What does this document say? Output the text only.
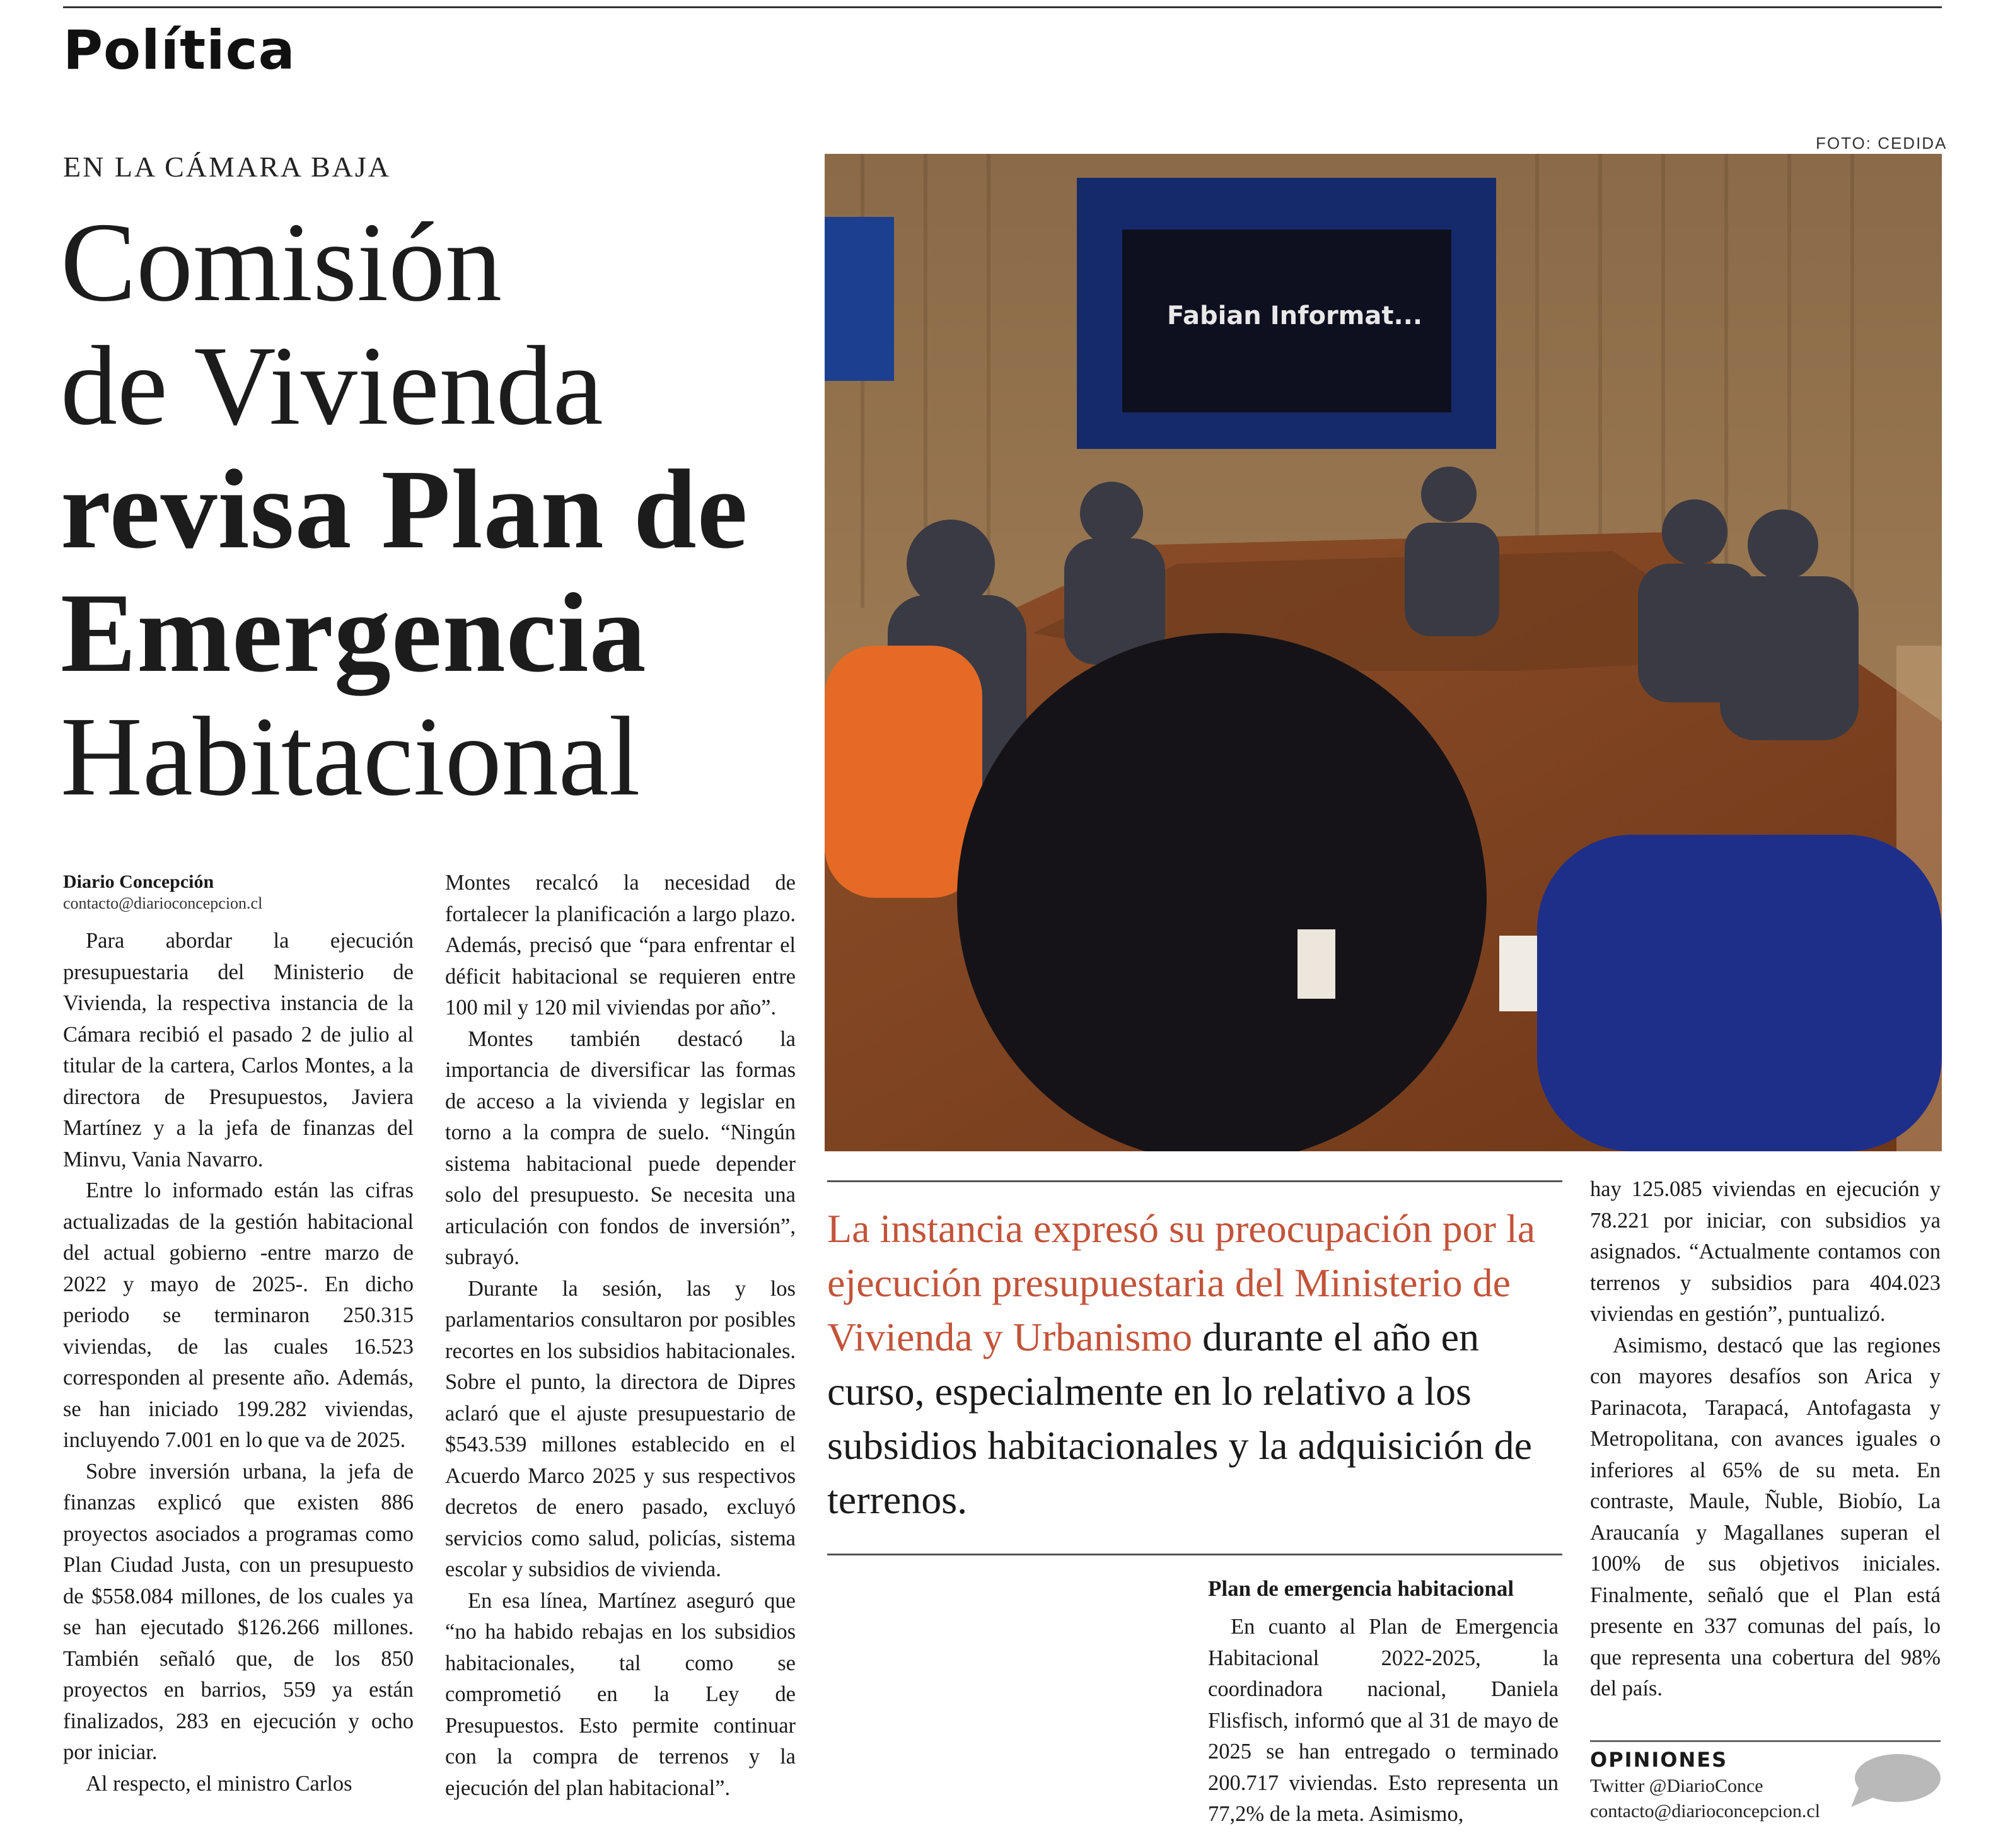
Política
EN LA CÁMARA BAJA
Comisión
de Vivienda
revisa Plan de
Emergencia
Habitacional
FOTO: CEDIDA
Fabian Informat...
Diario Concepción
contacto@diarioconcepcion.cl

Para abordar la ejecución presupuestaria del Ministerio de Vivienda, la respectiva instancia de la Cámara recibió el pasado 2 de julio al titular de la cartera, Carlos Montes, a la directora de Presupuestos, Javiera Martínez y a la jefa de finanzas del Minvu, Vania Navarro.

Entre lo informado están las cifras actualizadas de la gestión habitacional del actual gobierno -entre marzo de 2022 y mayo de 2025-. En dicho periodo se terminaron 250.315 viviendas, de las cuales 16.523 corresponden al presente año. Además, se han iniciado 199.282 viviendas, incluyendo 7.001 en lo que va de 2025.

Sobre inversión urbana, la jefa de finanzas explicó que existen 886 proyectos asociados a programas como Plan Ciudad Justa, con un presupuesto de $558.084 millones, de los cuales ya se han ejecutado $126.266 millones. También señaló que, de los 850 proyectos en barrios, 559 ya están finalizados, 283 en ejecución y ocho por iniciar.

Al respecto, el ministro Carlos

Montes recalcó la necesidad de fortalecer la planificación a largo plazo. Además, precisó que “para enfrentar el déficit habitacional se requieren entre 100 mil y 120 mil viviendas por año”.

Montes también destacó la importancia de diversificar las formas de acceso a la vivienda y legislar en torno a la compra de suelo. “Ningún sistema habitacional puede depender solo del presupuesto. Se necesita una articulación con fondos de inversión”, subrayó.

Durante la sesión, las y los parlamentarios consultaron por posibles recortes en los subsidios habitacionales. Sobre el punto, la directora de Dipres aclaró que el ajuste presupuestario de $543.539 millones establecido en el Acuerdo Marco 2025 y sus respectivos decretos de enero pasado, excluyó servicios como salud, policías, sistema escolar y subsidios de vivienda.

En esa línea, Martínez aseguró que “no ha habido rebajas en los subsidios habitacionales, tal como se comprometió en la Ley de Presupuestos. Esto permite continuar con la compra de terrenos y la ejecución del plan habitacional”.

La instancia expresó su preocupación por la ejecución presupuestaria del Ministerio de Vivienda y Urbanismo durante el año en curso, especialmente en lo relativo a los subsidios habitacionales y la adquisición de terrenos.
Plan de emergencia habitacional

En cuanto al Plan de Emergencia Habitacional 2022-2025, la coordinadora nacional, Daniela Flisfisch, informó que al 31 de mayo de 2025 se han entregado o terminado 200.717 viviendas. Esto representa un 77,2% de la meta. Asimismo,

hay 125.085 viviendas en ejecución y 78.221 por iniciar, con subsidios ya asignados. “Actualmente contamos con terrenos y subsidios para 404.023 viviendas en gestión”, puntualizó.

Asimismo, destacó que las regiones con mayores desafíos son Arica y Parinacota, Tarapacá, Antofagasta y Metropolitana, con avances iguales o inferiores al 65% de su meta. En contraste, Maule, Ñuble, Biobío, La Araucanía y Magallanes superan el 100% de sus objetivos iniciales. Finalmente, señaló que el Plan está presente en 337 comunas del país, lo que representa una cobertura del 98% del país.

OPINIONES
Twitter @DiarioConce
contacto@diarioconcepcion.cl
